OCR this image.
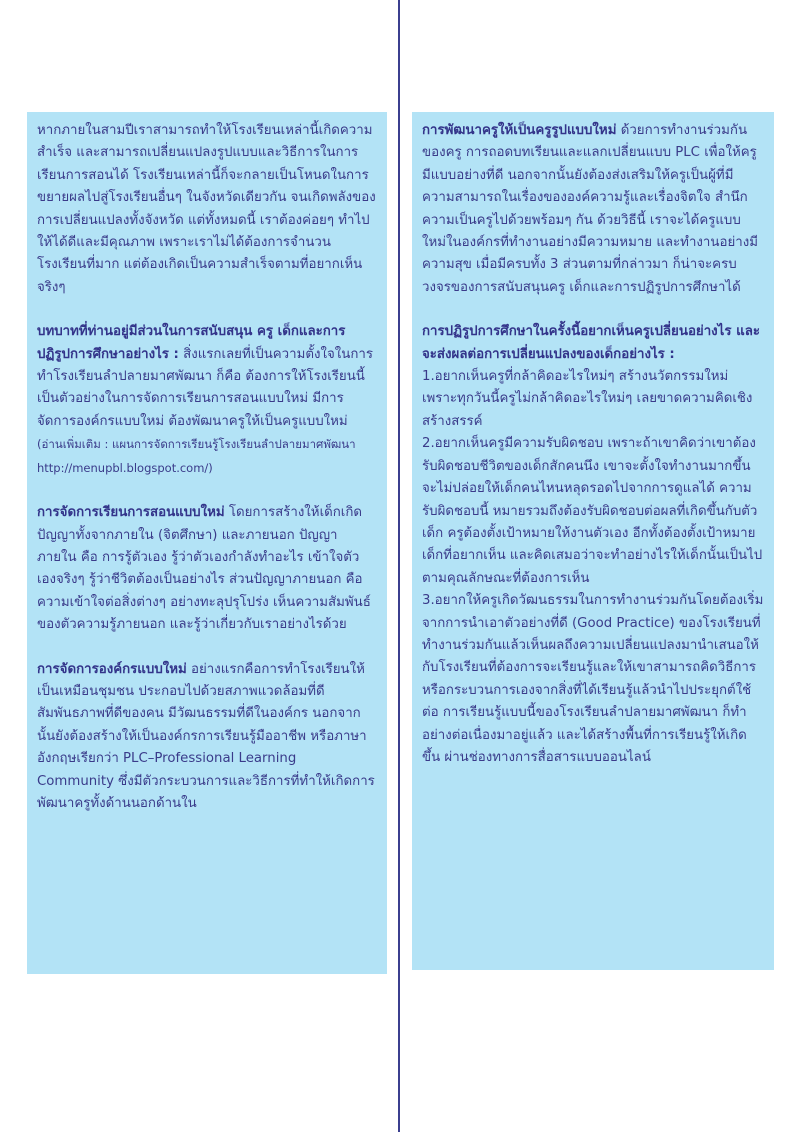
หากภายในสามปีเราสามารถทำให้โรงเรียนเหล่านี้เกิดความสำเร็จ และสามารถเปลี่ยนแปลงรูปแบบและวิธีการในการเรียนการสอนได้ โรงเรียนเหล่านี้ก็จะกลายเป็นโหนดในการขยายผลไปสู่โรงเรียนอื่นๆ ในจังหวัดเดียวกัน จนเกิดพลังของการเปลี่ยนแปลงทั้งจังหวัด แต่ทั้งหมดนี้ เราต้องค่อยๆ ทำไปให้ได้ดีและมีคุณภาพ เพราะเราไม่ได้ต้องการจำนวนโรงเรียนที่มาก แต่ต้องเกิดเป็นความสำเร็จตามที่อยากเห็นจริงๆ

บทบาทที่ท่านอยู่มีส่วนในการสนับสนุน ครู เด็กและการปฏิรูปการศึกษาอย่างไร : สิ่งแรกเลยที่เป็นความตั้งใจในการทำโรงเรียนลำปลายมาศพัฒนา ก็คือ ต้องการให้โรงเรียนนี้เป็นตัวอย่างในการจัดการเรียนการสอนแบบใหม่ มีการจัดการองค์กรแบบใหม่ ต้องพัฒนาครูให้เป็นครูแบบใหม่ (อ่านเพิ่มเติม : แผนการจัดการเรียนรู้โรงเรียนลำปลายมาศพัฒนา http://menupbl.blogspot.com/)

การจัดการเรียนการสอนแบบใหม่ โดยการสร้างให้เด็กเกิดปัญญาทั้งจากภายใน (จิตศึกษา) และภายนอก ปัญญาภายใน คือ การรู้ตัวเอง รู้ว่าตัวเองกำลังทำอะไร เข้าใจตัวเองจริงๆ รู้ว่าชีวิตต้องเป็นอย่างไร ส่วนปัญญาภายนอก คือ ความเข้าใจต่อสิ่งต่างๆ อย่างทะลุปรุโปร่ง เห็นความสัมพันธ์ของตัวความรู้ภายนอก และรู้ว่าเกี่ยวกับเราอย่างไรด้วย

การจัดการองค์กรแบบใหม่ อย่างแรกคือการทำโรงเรียนให้เป็นเหมือนชุมชน ประกอบไปด้วยสภาพแวดล้อมที่ดี สัมพันธภาพที่ดีของคน มีวัฒนธรรมที่ดีในองค์กร นอกจากนั้นยังต้องสร้างให้เป็นองค์กรการเรียนรู้มืออาชีพ หรือภาษาอังกฤษเรียกว่า PLC–Professional Learning Community ซึ่งมีตัวกระบวนการและวิธีการที่ทำให้เกิดการพัฒนาครูทั้งด้านนอกด้านใน

การพัฒนาครูให้เป็นครูรูปแบบใหม่ ด้วยการทำงานร่วมกันของครู การถอดบทเรียนและแลกเปลี่ยนแบบ PLC เพื่อให้ครูมีแบบอย่างที่ดี นอกจากนั้นยังต้องส่งเสริมให้ครูเป็นผู้ที่มีความสามารถในเรื่องขององค์ความรู้และเรื่องจิตใจ สำนึก ความเป็นครูไปด้วยพร้อมๆ กัน ด้วยวิธีนี้ เราจะได้ครูแบบใหม่ในองค์กรที่ทำงานอย่างมีความหมาย และทำงานอย่างมีความสุข เมื่อมีครบทั้ง 3 ส่วนตามที่กล่าวมา ก็น่าจะครบวงจรของการสนับสนุนครู เด็กและการปฏิรูปการศึกษาได้

การปฏิรูปการศึกษาในครั้งนี้อยากเห็นครูเปลี่ยนอย่างไร และ จะส่งผลต่อการเปลี่ยนแปลงของเด็กอย่างไร :

1.อยากเห็นครูที่กล้าคิดอะไรใหม่ๆ สร้างนวัตกรรมใหม่ เพราะทุกวันนี้ครูไม่กล้าคิดอะไรใหม่ๆ เลยขาดความคิดเชิงสร้างสรรค์

2.อยากเห็นครูมีความรับผิดชอบ เพราะถ้าเขาคิดว่าเขาต้องรับผิดชอบชีวิตของเด็กสักคนนึง เขาจะตั้งใจทำงานมากขึ้นจะไม่ปล่อยให้เด็กคนไหนหลุดรอดไปจากการดูแลได้ ความรับผิดชอบนี้ หมายรวมถึงต้องรับผิดชอบต่อผลที่เกิดขึ้นกับตัวเด็ก ครูต้องตั้งเป้าหมายให้งานตัวเอง อีกทั้งต้องตั้งเป้าหมายเด็กที่อยากเห็น และคิดเสมอว่าจะทำอย่างไรให้เด็กนั้นเป็นไปตามคุณลักษณะที่ต้องการเห็น

3.อยากให้ครูเกิดวัฒนธรรมในการทำงานร่วมกันโดยต้องเริ่มจากการนำเอาตัวอย่างที่ดี (Good Practice) ของโรงเรียนที่ทำงานร่วมกันแล้วเห็นผลถึงความเปลี่ยนแปลงมานำเสนอให้กับโรงเรียนที่ต้องการจะเรียนรู้และให้เขาสามารถคิดวิธีการหรือกระบวนการเองจากสิ่งที่ได้เรียนรู้แล้วนำไปประยุกต์ใช้ต่อ การเรียนรู้แบบนี้ของโรงเรียนลำปลายมาศพัฒนา ก็ทำอย่างต่อเนื่องมาอยู่แล้ว และได้สร้างพื้นที่การเรียนรู้ให้เกิดขึ้น ผ่านช่องทางการสื่อสารแบบออนไลน์
